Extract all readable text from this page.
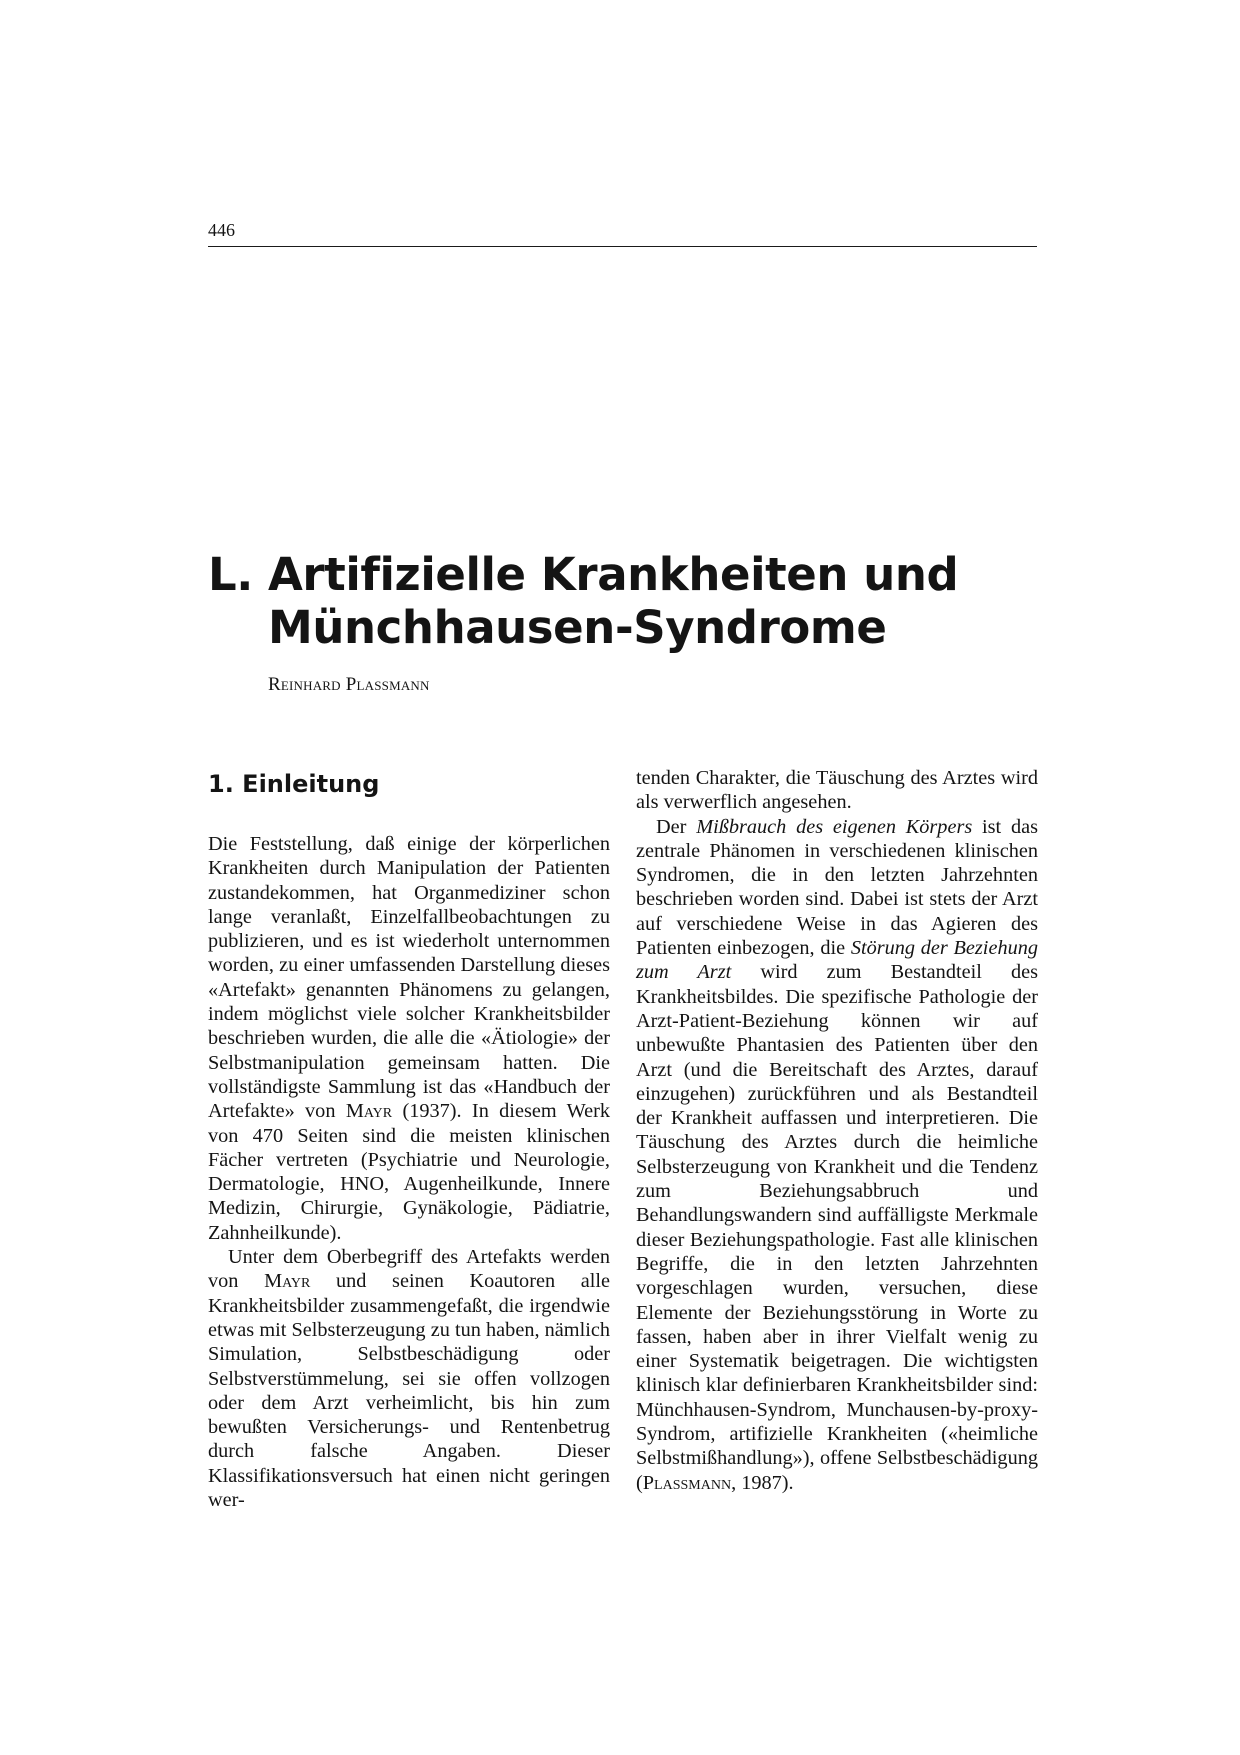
446
L. Artifizielle Krankheiten und
Münchhausen-Syndrome
Reinhard Plassmann
1. Einleitung

Die Feststellung, daß einige der körperlichen Krankheiten durch Manipulation der Patienten zustandekommen, hat Organmediziner schon lange veranlaßt, Einzelfallbeobachtungen zu publizieren, und es ist wiederholt unternommen worden, zu einer umfassenden Darstellung dieses «Artefakt» genannten Phänomens zu gelangen, indem möglichst viele solcher Krankheitsbilder beschrieben wurden, die alle die «Ätiologie» der Selbstmanipulation gemeinsam hatten. Die vollständigste Sammlung ist das «Handbuch der Artefakte» von Mayr (1937). In diesem Werk von 470 Seiten sind die meisten klinischen Fächer vertreten (Psychiatrie und Neurologie, Dermatologie, HNO, Augenheilkunde, Innere Medizin, Chirurgie, Gynäkologie, Pädiatrie, Zahnheilkunde).

Unter dem Oberbegriff des Artefakts werden von Mayr und seinen Koautoren alle Krankheitsbilder zusammengefaßt, die irgendwie etwas mit Selbsterzeugung zu tun haben, nämlich Simulation, Selbstbeschädigung oder Selbstverstümmelung, sei sie offen vollzogen oder dem Arzt verheimlicht, bis hin zum bewußten Versicherungs- und Rentenbetrug durch falsche Angaben. Dieser Klassifikationsversuch hat einen nicht geringen wer-

tenden Charakter, die Täuschung des Arztes wird als verwerflich angesehen.

Der Mißbrauch des eigenen Körpers ist das zentrale Phänomen in verschiedenen klinischen Syndromen, die in den letzten Jahrzehnten beschrieben worden sind. Dabei ist stets der Arzt auf verschiedene Weise in das Agieren des Patienten einbezogen, die Störung der Beziehung zum Arzt wird zum Bestandteil des Krankheitsbildes. Die spezifische Pathologie der Arzt-Patient-Beziehung können wir auf unbewußte Phantasien des Patienten über den Arzt (und die Bereitschaft des Arztes, darauf einzugehen) zurückführen und als Bestandteil der Krankheit auffassen und interpretieren. Die Täuschung des Arztes durch die heimliche Selbsterzeugung von Krankheit und die Tendenz zum Beziehungsabbruch und Behandlungswandern sind auffälligste Merkmale dieser Beziehungspathologie. Fast alle klinischen Begriffe, die in den letzten Jahrzehnten vorgeschlagen wurden, versuchen, diese Elemente der Beziehungsstörung in Worte zu fassen, haben aber in ihrer Vielfalt wenig zu einer Systematik beigetragen. Die wichtigsten klinisch klar definierbaren Krankheitsbilder sind: Münchhausen-Syndrom, Munchausen-by-proxy-Syndrom, artifizielle Krankheiten («heimliche Selbstmißhandlung»), offene Selbstbeschädigung (Plassmann, 1987).
